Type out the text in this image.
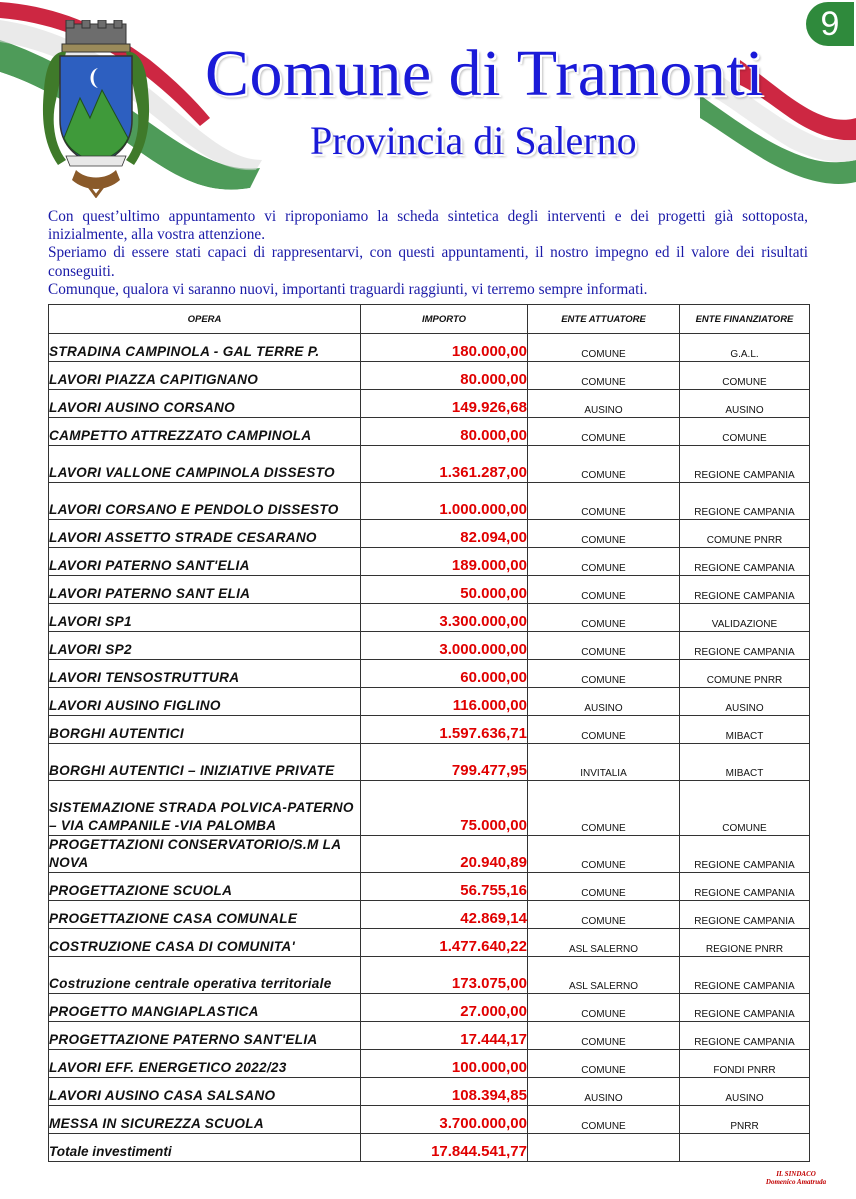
9
Comune di Tramonti
Provincia di Salerno

Con quest’ultimo appuntamento vi riproponiamo la scheda sintetica degli interventi e dei progetti già sottoposta, inizialmente, alla vostra attenzione.

Speriamo di essere stati capaci di rappresentarvi, con questi appuntamenti, il nostro impegno ed il valore dei risultati conseguiti.

Comunque, qualora vi saranno nuovi, importanti traguardi raggiunti, vi terremo sempre informati.

OPERA	IMPORTO	ENTE ATTUATORE	ENTE FINANZIATORE
STRADINA CAMPINOLA - GAL TERRE P.	180.000,00	COMUNE	G.A.L.
LAVORI PIAZZA CAPITIGNANO	80.000,00	COMUNE	COMUNE
LAVORI AUSINO CORSANO	149.926,68	AUSINO	AUSINO
CAMPETTO ATTREZZATO CAMPINOLA	80.000,00	COMUNE	COMUNE
LAVORI VALLONE CAMPINOLA DISSESTO	1.361.287,00	COMUNE	REGIONE CAMPANIA
LAVORI CORSANO E PENDOLO DISSESTO	1.000.000,00	COMUNE	REGIONE CAMPANIA
LAVORI ASSETTO STRADE CESARANO	82.094,00	COMUNE	COMUNE PNRR
LAVORI PATERNO SANT'ELIA	189.000,00	COMUNE	REGIONE CAMPANIA
LAVORI PATERNO SANT ELIA	50.000,00	COMUNE	REGIONE CAMPANIA
LAVORI SP1	3.300.000,00	COMUNE	VALIDAZIONE
LAVORI SP2	3.000.000,00	COMUNE	REGIONE CAMPANIA
LAVORI TENSOSTRUTTURA	60.000,00	COMUNE	COMUNE PNRR
LAVORI AUSINO FIGLINO	116.000,00	AUSINO	AUSINO
BORGHI AUTENTICI	1.597.636,71	COMUNE	MIBACT
BORGHI AUTENTICI – INIZIATIVE PRIVATE	799.477,95	INVITALIA	MIBACT
SISTEMAZIONE STRADA POLVICA-PATERNO – VIA CAMPANILE -VIA PALOMBA	75.000,00	COMUNE	COMUNE
PROGETTAZIONI CONSERVATORIO/S.M LA NOVA	20.940,89	COMUNE	REGIONE CAMPANIA
PROGETTAZIONE SCUOLA	56.755,16	COMUNE	REGIONE CAMPANIA
PROGETTAZIONE CASA COMUNALE	42.869,14	COMUNE	REGIONE CAMPANIA
COSTRUZIONE CASA DI COMUNITA'	1.477.640,22	ASL SALERNO	REGIONE PNRR
Costruzione centrale operativa territoriale	173.075,00	ASL SALERNO	REGIONE CAMPANIA
PROGETTO MANGIAPLASTICA	27.000,00	COMUNE	REGIONE CAMPANIA
PROGETTAZIONE PATERNO SANT'ELIA	17.444,17	COMUNE	REGIONE CAMPANIA
LAVORI EFF. ENERGETICO 2022/23	100.000,00	COMUNE	FONDI PNRR
LAVORI AUSINO CASA SALSANO	108.394,85	AUSINO	AUSINO
MESSA IN SICUREZZA SCUOLA	3.700.000,00	COMUNE	PNRR
Totale investimenti	17.844.541,77		
IL SINDACO
Domenico Amatruda
